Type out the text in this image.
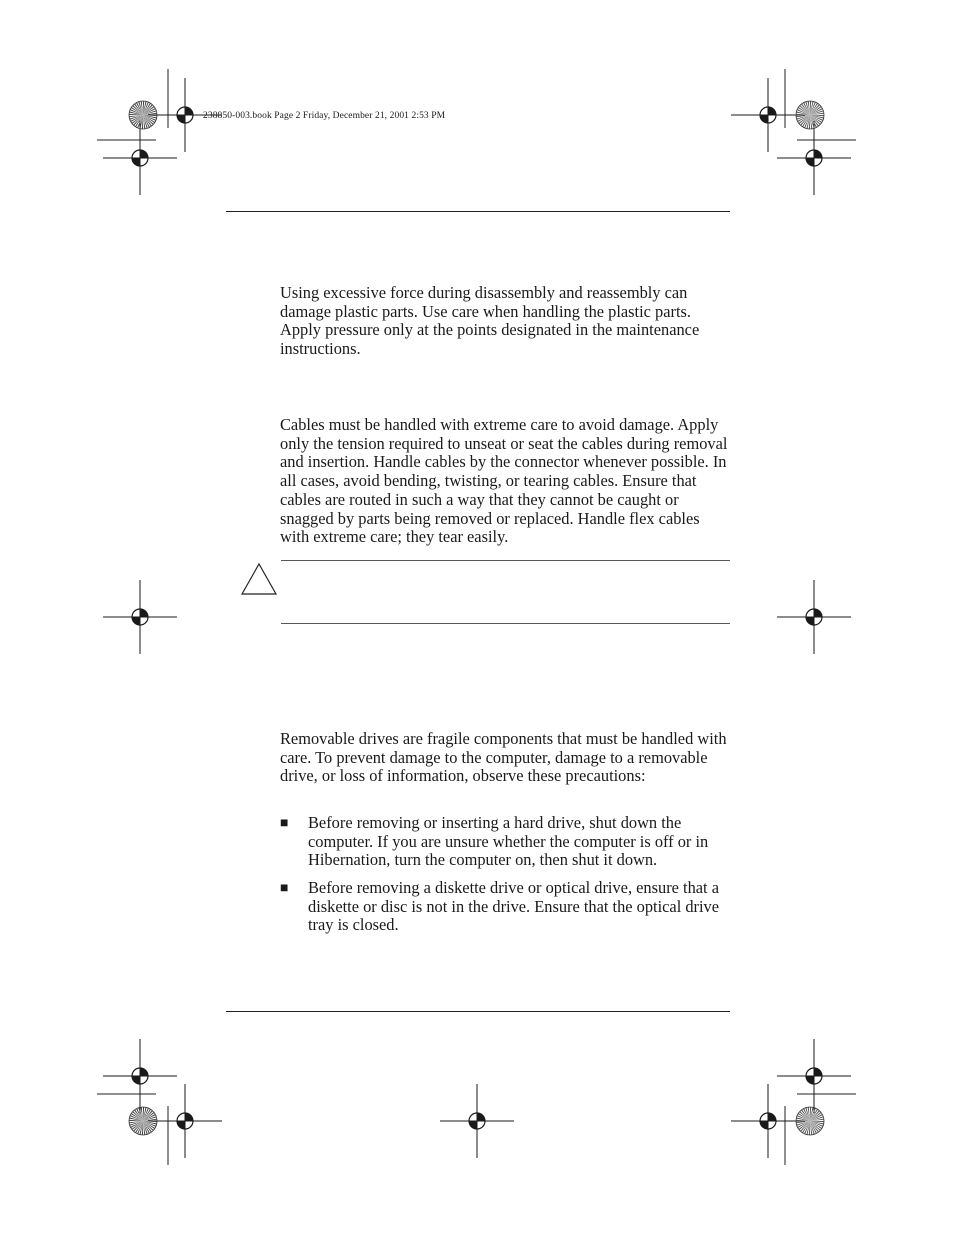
238850-003.book Page 2 Friday, December 21, 2001 2:53 PM
Using excessive force during disassembly and reassembly can damage plastic parts. Use care when handling the plastic parts. Apply pressure only at the points designated in the maintenance instructions.
Cables must be handled with extreme care to avoid damage. Apply only the tension required to unseat or seat the cables during removal and insertion. Handle cables by the connector whenever possible. In all cases, avoid bending, twisting, or tearing cables. Ensure that cables are routed in such a way that they cannot be caught or snagged by parts being removed or replaced. Handle flex cables with extreme care; they tear easily.
Removable drives are fragile components that must be handled with care. To prevent damage to the computer, damage to a removable drive, or loss of information, observe these precautions:
■ Before removing or inserting a hard drive, shut down the computer. If you are unsure whether the computer is off or in Hibernation, turn the computer on, then shut it down.
■ Before removing a diskette drive or optical drive, ensure that a diskette or disc is not in the drive. Ensure that the optical drive tray is closed.
